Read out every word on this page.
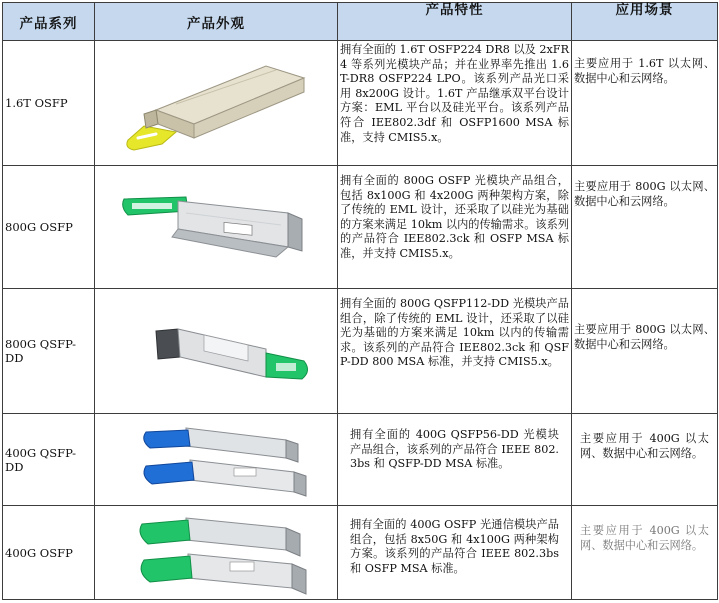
产品系列	产品外观	产品特性	应用场景
1.6T OSFP		拥有全面的 1.6T OSFP224 DR8 以及 2xFR4 等系列光模块产品；并在业界率先推出 1.6T-DR8 OSFP224 LPO。该系列产品光口采用 8x200G 设计。1.6T 产品继承双平台设计方案：EML 平台以及硅光平台。该系列产品符合 IEE802.3df 和 OSFP1600 MSA 标准，支持 CMIS5.x。	主要应用于 1.6T 以太网、数据中心和云网络。

800G OSFP		拥有全面的 800G OSFP 光模块产品组合，包括 8x100G 和 4x200G 两种架构方案，除了传统的 EML 设计，还采取了以硅光为基础的方案来满足 10km 以内的传输需求。该系列的产品符合 IEE802.3ck 和 OSFP MSA 标准，并支持 CMIS5.x。	主要应用于 800G 以太网、数据中心和云网络。

800G QSFP-DD		拥有全面的 800G QSFP112-DD 光模块产品组合，除了传统的 EML 设计，还采取了以硅光为基础的方案来满足 10km 以内的传输需求。该系列的产品符合 IEE802.3ck 和 QSFP-DD 800 MSA 标准，并支持 CMIS5.x。	主要应用于 800G 以太网、数据中心和云网络。

400G QSFP-DD		拥有全面的 400G QSFP56-DD 光模块产品组合，该系列的产品符合 IEEE 802.3bs 和 QSFP-DD MSA 标准。	主要应用于 400G 以太网、数据中心和云网络。

400G OSFP		拥有全面的 400G OSFP 光通信模块产品组合，包括 8x50G 和 4x100G 两种架构方案。该系列的产品符合 IEEE 802.3bs 和 OSFP MSA 标准。	主要应用于 400G 以太网、数据中心和云网络。
